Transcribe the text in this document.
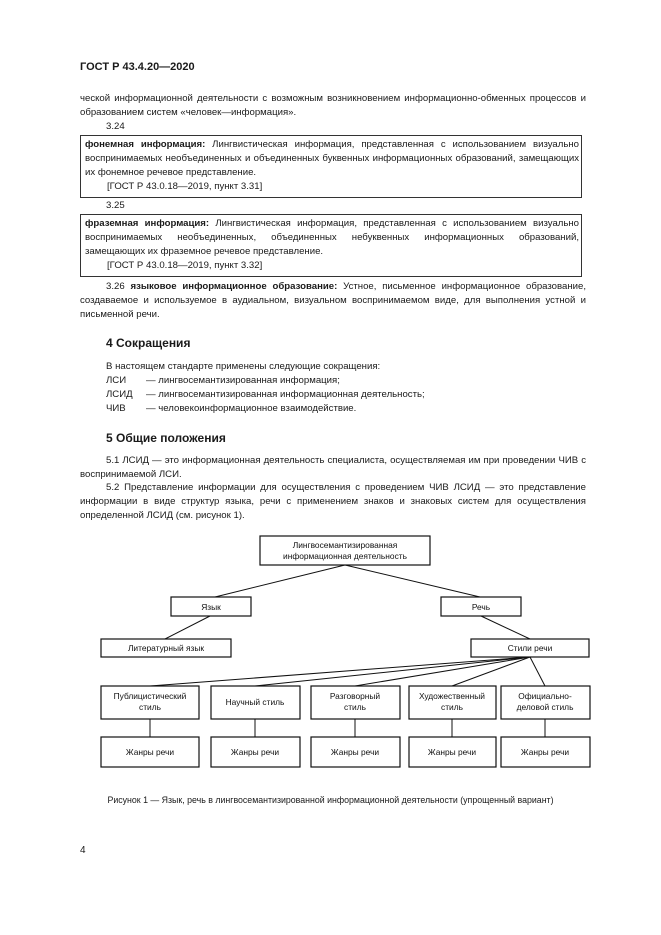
ГОСТ Р 43.4.20—2020
ческой информационной деятельности с возможным возникновением информационно-обменных процессов и образованием систем «человек—информация».
3.24
фонемная информация: Лингвистическая информация, представленная с использованием визуально воспринимаемых необъединенных и объединенных буквенных информационных образований, замещающих их фонемное речевое представление.
[ГОСТ Р 43.0.18—2019, пункт 3.31]
3.25
фраземная информация: Лингвистическая информация, представленная с использованием визуально воспринимаемых необъединенных, объединенных небуквенных информационных образований, замещающих их фраземное речевое представление.
[ГОСТ Р 43.0.18—2019, пункт 3.32]
3.26 языковое информационное образование: Устное, письменное информационное образование, создаваемое и используемое в аудиальном, визуальном воспринимаемом виде, для выполнения устной и письменной речи.
4 Сокращения
В настоящем стандарте применены следующие сокращения:
ЛСИ — лингвосемантизированная информация;
ЛСИД — лингвосемантизированная информационная деятельность;
ЧИВ — человекоинформационное взаимодействие.
5 Общие положения
5.1 ЛСИД — это информационная деятельность специалиста, осуществляемая им при проведении ЧИВ с воспринимаемой ЛСИ.
5.2 Представление информации для осуществления с проведением ЧИВ ЛСИД — это представление информации в виде структур языка, речи с применением знаков и знаковых систем для осуществления определенной ЛСИД (см. рисунок 1).
Лингвосемантизированная
информационная деятельность
Язык	Речь
Литературный язык	Стили речи
Публицистический
стиль	Научный стиль
Разговорный
стиль
Художественный
стиль
Официально-
деловой стиль
Жанры речи	Жанры речи	Жанры речи	Жанры речи	Жанры речи
Рисунок 1 — Язык, речь в лингвосемантизированной информационной деятельности (упрощенный вариант)
4
